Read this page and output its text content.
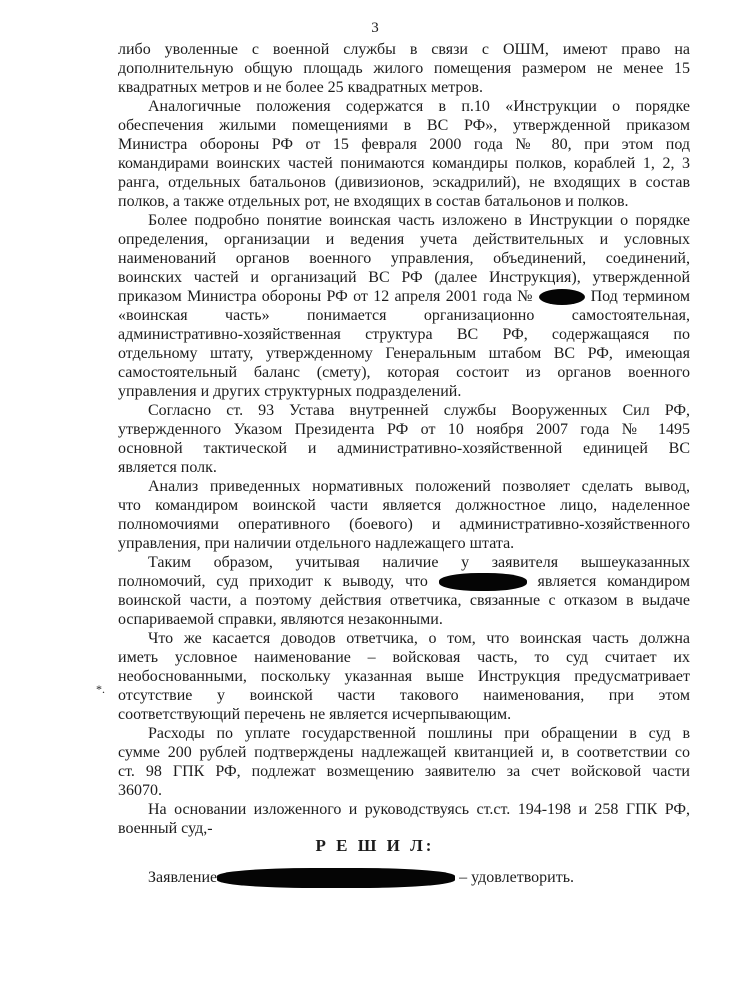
3
либо уволенные с военной службы в связи с ОШМ, имеют право на
дополнительную общую площадь жилого помещения размером не менее 15
квадратных метров и не более 25 квадратных метров.
Аналогичные положения содержатся в п.10 «Инструкции о порядке
обеспечения жилыми помещениями в ВС РФ», утвержденной приказом
Министра обороны РФ от 15 февраля 2000 года № 80, при этом под
командирами воинских частей понимаются командиры полков, кораблей 1, 2, 3
ранга, отдельных батальонов (дивизионов, эскадрилий), не входящих в состав
полков, а также отдельных рот, не входящих в состав батальонов и полков.
Более подробно понятие воинская часть изложено в Инструкции о порядке
определения, организации и ведения учета действительных и условных
наименований органов военного управления, объединений, соединений,
воинских частей и организаций ВС РФ (далее Инструкция), утвержденной
приказом Министра обороны РФ от 12 апреля 2001 года №	Под термином
«воинская часть» понимается организационно самостоятельная,
административно-хозяйственная структура ВС РФ, содержащаяся по
отдельному штату, утвержденному Генеральным штабом ВС РФ, имеющая
самостоятельный баланс (смету), которая состоит из органов военного
управления и других структурных подразделений.
Согласно ст. 93 Устава внутренней службы Вооруженных Сил РФ,
утвержденного Указом Президента РФ от 10 ноября 2007 года № 1495
основной тактической и административно-хозяйственной единицей ВС
является полк.
Анализ приведенных нормативных положений позволяет сделать вывод,
что командиром воинской части является должностное лицо, наделенное
полномочиями оперативного (боевого) и административно-хозяйственного
управления, при наличии отдельного надлежащего штата.
Таким образом, учитывая наличие у заявителя вышеуказанных
полномочий, суд приходит к выводу, что	является командиром
воинской части, а поэтому действия ответчика, связанные с отказом в выдаче
оспариваемой справки, являются незаконными.
Что же касается доводов ответчика, о том, что воинская часть должна
иметь условное наименование – войсковая часть, то суд считает их
необоснованными, поскольку указанная выше Инструкция предусматривает
отсутствие у воинской части такового наименования, при этом
соответствующий перечень не является исчерпывающим.
Расходы по уплате государственной пошлины при обращении в суд в
сумме 200 рублей подтверждены надлежащей квитанцией и, в соответствии со
ст. 98 ГПК РФ, подлежат возмещению заявителю за счет войсковой части
36070.
На основании изложенного и руководствуясь ст.ст. 194-198 и 258 ГПК РФ,
военный суд,-
Р Е Ш И Л:
Заявление	– удовлетворить.
*.
